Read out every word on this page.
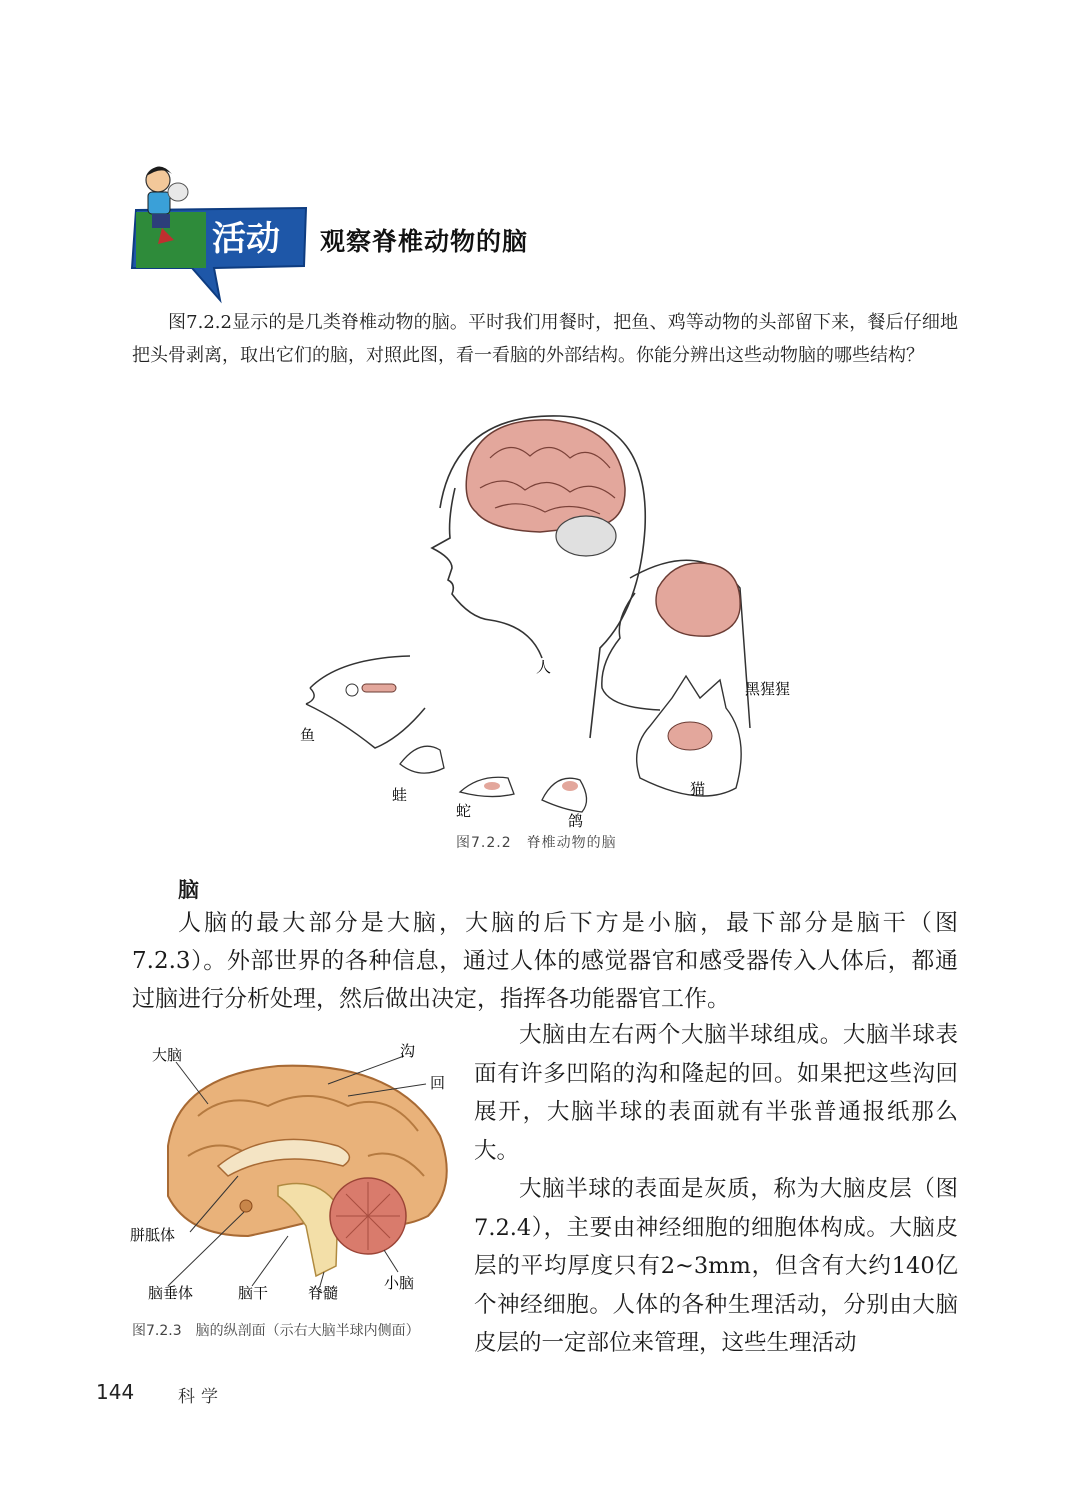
活动 观察脊椎动物的脑

图7.2.2显示的是几类脊椎动物的脑。平时我们用餐时，把鱼、鸡等动物的头部留下来，餐后仔细地把头骨剥离，取出它们的脑，对照此图，看一看脑的外部结构。你能分辨出这些动物脑的哪些结构？

人
黑猩猩
鱼
蛙
蛇
鸽
猫
图7.2.2　脊椎动物的脑
脑

人脑的最大部分是大脑，大脑的后下方是小脑，最下部分是脑干（图7.2.3）。外部世界的各种信息，通过人体的感觉器官和感受器传入人体后，都通过脑进行分析处理，然后做出决定，指挥各功能器官工作。

大脑	沟
回
胼胝体
脑垂体	脑干	脊髓
小脑
图7.2.3　脑的纵剖面（示右大脑半球内侧面）

大脑由左右两个大脑半球组成。大脑半球表面有许多凹陷的沟和隆起的回。如果把这些沟回展开，大脑半球的表面就有半张普通报纸那么大。

大脑半球的表面是灰质，称为大脑皮层（图7.2.4），主要由神经细胞的细胞体构成。大脑皮层的平均厚度只有2~3mm，但含有大约140亿个神经细胞。人体的各种生理活动，分别由大脑皮层的一定部位来管理，这些生理活动

144	科学
